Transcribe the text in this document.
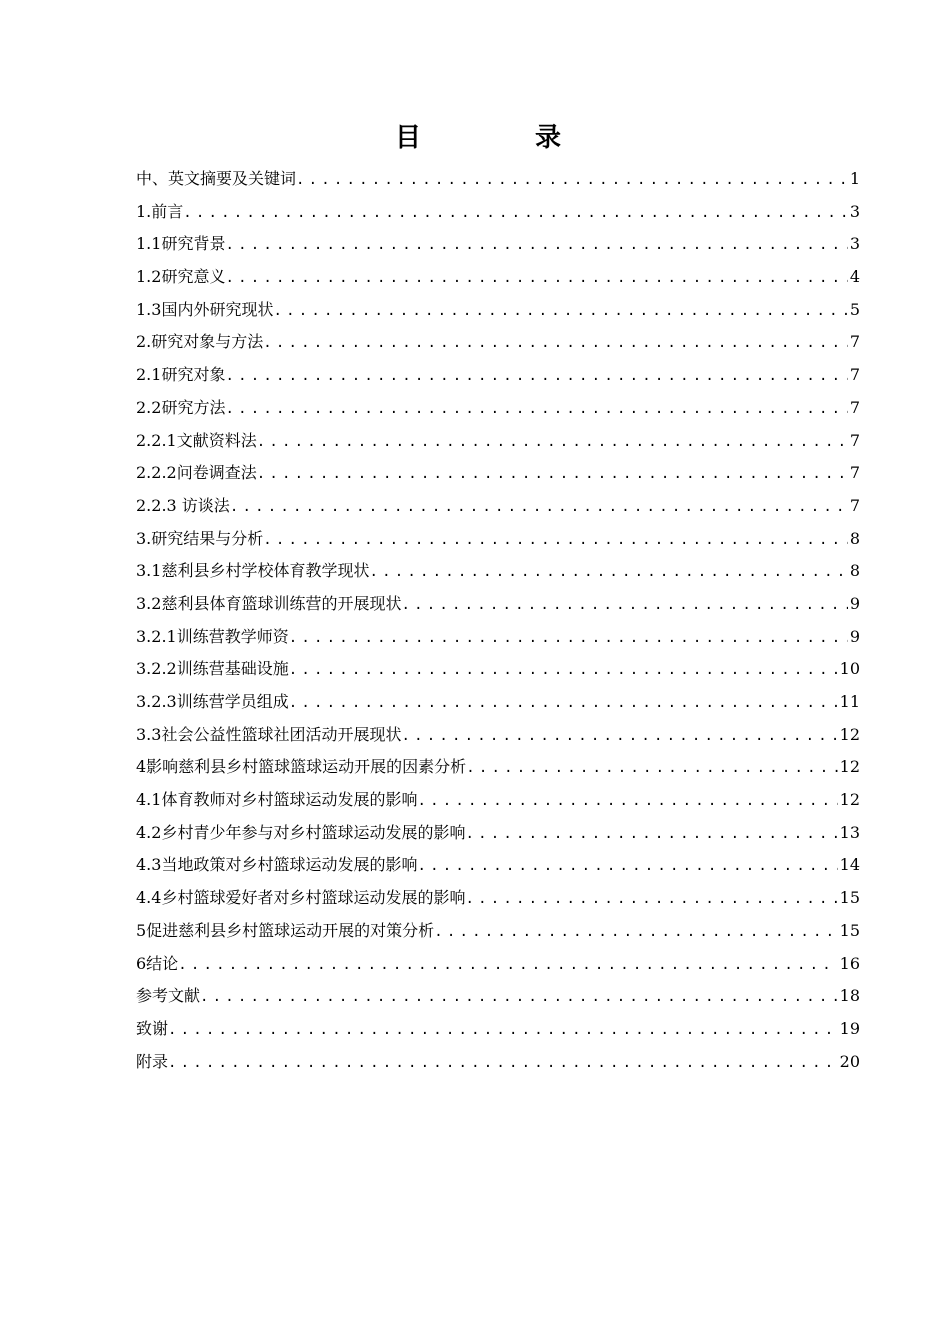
目　录
中、英文摘要及关键词 .....	1
1.前言 .....	3
1.1研究背景 .....	3
1.2研究意义 .....	4
1.3国内外研究现状 .....	5
2.研究对象与方法 .....	7
2.1研究对象 .....	7
2.2研究方法 .....	7
2.2.1文献资料法 .....	7
2.2.2问卷调查法 .....	7
2.2.3 访谈法 .....	7
3.研究结果与分析 .....	8
3.1慈利县乡村学校体育教学现状 .....	8
3.2慈利县体育篮球训练营的开展现状 .....	9
3.2.1训练营教学师资 .....	9
3.2.2训练营基础设施 .....	10
3.2.3训练营学员组成 .....	11
3.3社会公益性篮球社团活动开展现状 .....	12
4影响慈利县乡村篮球篮球运动开展的因素分析 .....	12
4.1体育教师对乡村篮球运动发展的影响 .....	12
4.2乡村青少年参与对乡村篮球运动发展的影响 .....	13
4.3当地政策对乡村篮球运动发展的影响 .....	14
4.4乡村篮球爱好者对乡村篮球运动发展的影响 .....	15
5促进慈利县乡村篮球运动开展的对策分析 .....	15
6结论 .....	16
参考文献 .....	18
致谢 .....	19
附录 .....	20
